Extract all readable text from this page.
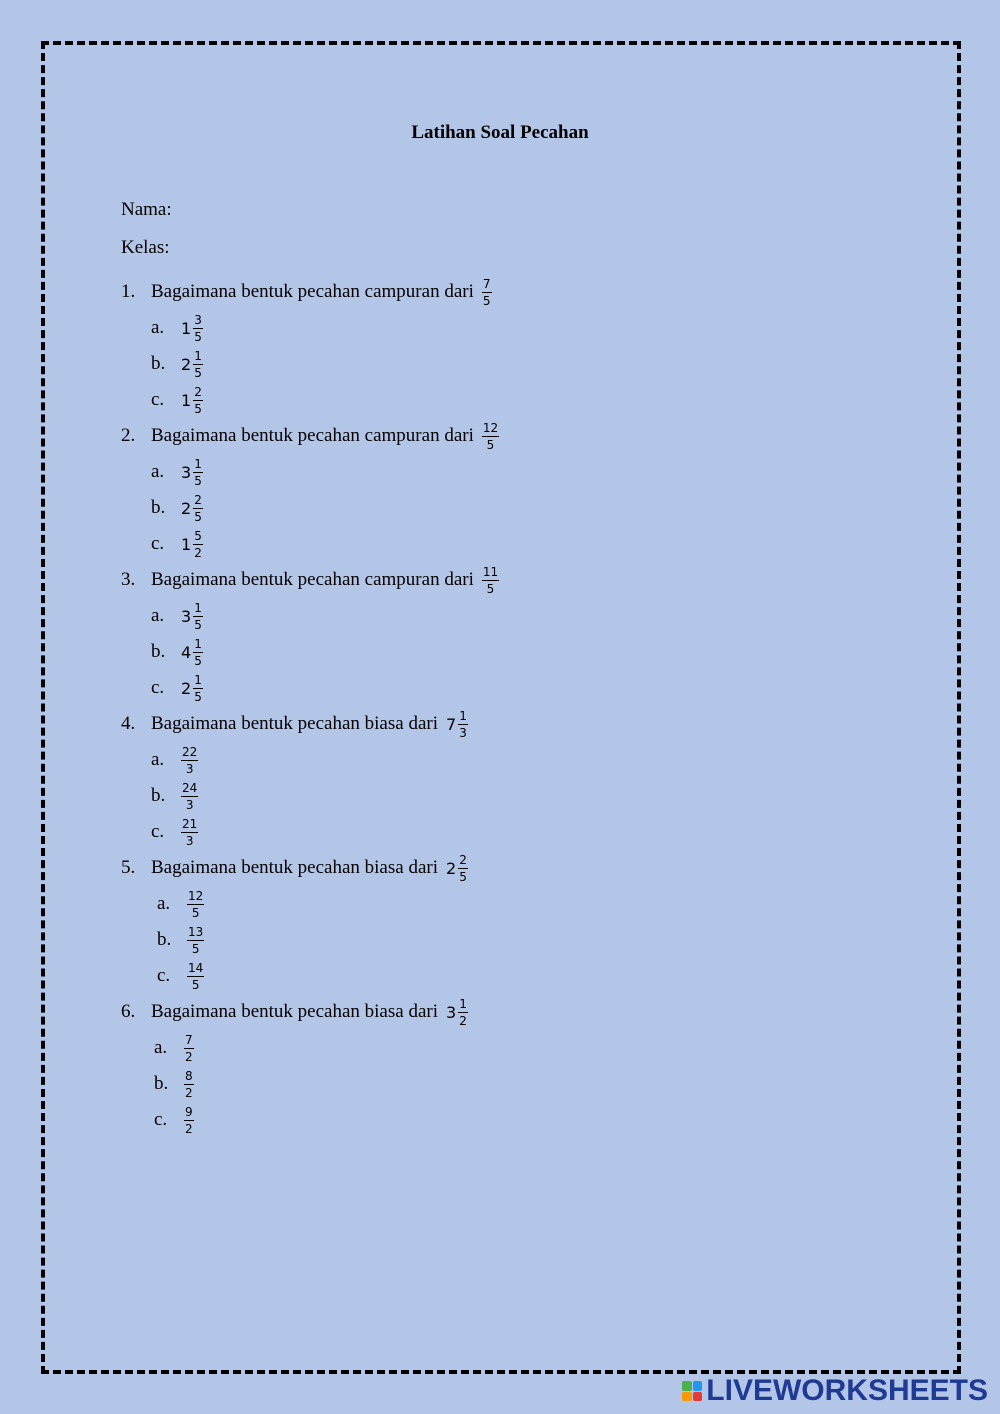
Latihan Soal Pecahan
Nama:
Kelas:
1. Bagaimana bentuk pecahan campuran dari $\frac{7}{5}$
a.	$1 \frac{3}{5}$
b. $2 \frac{1}{5}$
c.	$1 \frac{2}{5}$
2. Bagaimana bentuk pecahan campuran dari $\frac{12}{5}$
a.	$3 \frac{1}{5}$
b. $2 \frac{2}{5}$
c.	$1 \frac{5}{2}$
3. Bagaimana bentuk pecahan campuran dari $\frac{11}{5}$
a.	$3 \frac{1}{5}$
b. $4 \frac{1}{5}$
c.	$2 \frac{1}{5}$
4. Bagaimana bentuk pecahan biasa dari $7 \frac{1}{3}$
a.	$\frac{22}{3}$
b.	$\frac{24}{3}$
c.	$\frac{21}{3}$
5. Bagaimana bentuk pecahan biasa dari $2 \frac{2}{5}$
a.	$\frac{12}{5}$
b.	$\frac{13}{5}$
c.	$\frac{14}{5}$
6. Bagaimana bentuk pecahan biasa dari $3 \frac{1}{2}$
a.	$\frac{7}{2}$
b.	$\frac{8}{2}$
c.	$\frac{9}{2}$
LIVEWORKSHEETS
